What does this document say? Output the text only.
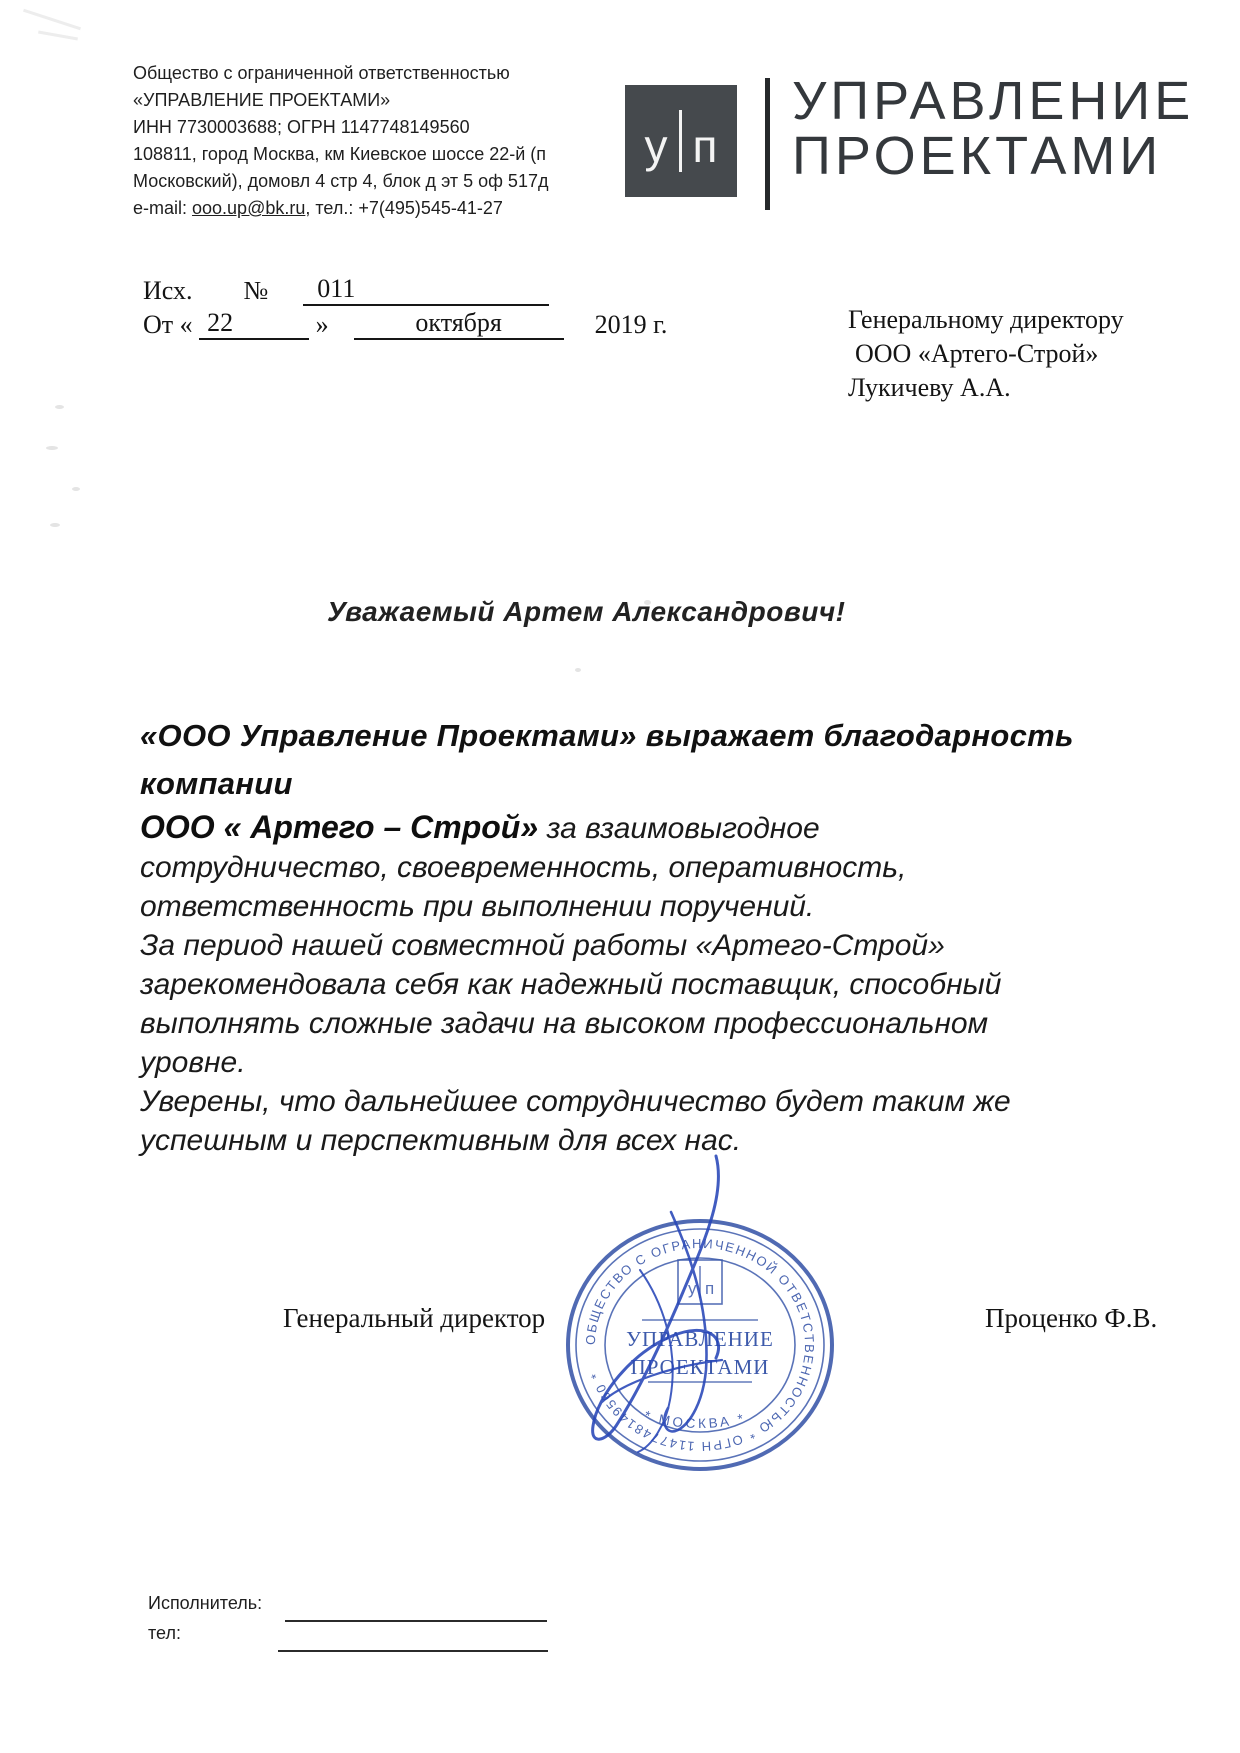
Общество с ограниченной ответственностью
«УПРАВЛЕНИЕ ПРОЕКТАМИ»
ИНН 7730003688; ОГРН 1147748149560
108811, город Москва, км Киевское шоссе 22-й (п
Московский), домовл 4 стр 4, блок д эт 5 оф 517д
e-mail: ooo.up@bk.ru, тел.: +7(495)545-41-27
у п
УПРАВЛЕНИЕ
ПРОЕКТАМИ
Исх. № 011
От « 22	»	октября	2019 г.	Генеральному директору
ООО «Артего-Строй»
Лукичеву А.А.
Уважаемый Артем Александрович!
«ООО Управление Проектами» выражает благодарность
компании
ООО « Артего – Строй» за взаимовыгодное
сотрудничество, своевременность, оперативность,
ответственность при выполнении поручений.
За период нашей совместной работы «Артего-Строй»
зарекомендовала себя как надежный поставщик, способный
выполнять сложные задачи на высоком профессиональном
уровне.
Уверены, что дальнейшее сотрудничество будет таким же
успешным и перспективным для всех нас.
Генеральный директор	Проценко Ф.В.
ОБЩЕСТВО С ОГРАНИЧЕННОЙ ОТВЕТСТВЕННОСТЬЮ * ОГРН 1147748149560 *
* МОСКВА *
у п
УПРАВЛЕНИЕ
ПРОЕКТАМИ
Исполнитель:
тел:
